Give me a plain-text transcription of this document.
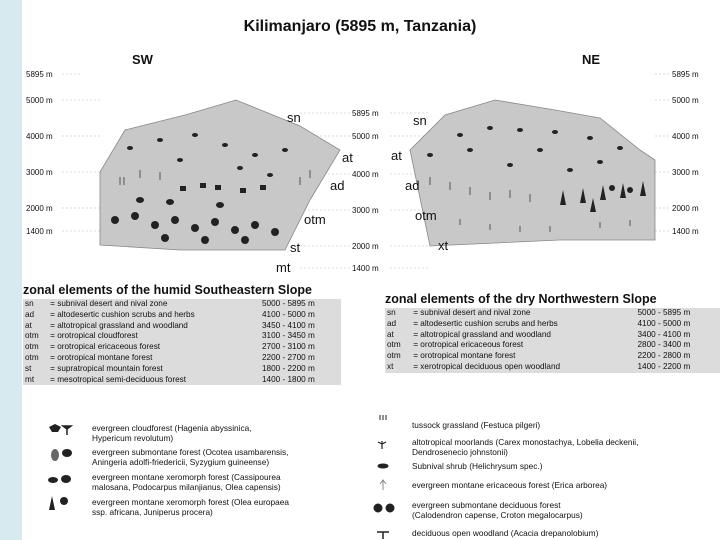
Kilimanjaro (5895 m, Tanzania)
5895 m
5000 m
4000 m
3000 m
2000 m
1400 m
5895 m
5000 m
4000 m
3000 m
2000 m
1400 m
5895 m
5000 m
4000 m
3000 m
2000 m
1400 m
SW	NE
sn
at
ad
otm
st
mt
at
sn
ad
otm
xt
zonal elements of the humid Southeastern Slope
sn	= subnival desert and nival zone	5000 - 5895 m
ad	= altodesertic cushion scrubs and herbs	4100 - 5000 m
at	= altotropical grassland and woodland	3450 - 4100 m
otm	= orotropical cloudforest	3100 - 3450 m
otm	= orotropical ericaceous forest	2700 - 3100 m
otm	= orotropical montane forest	2200 - 2700 m
st	= supratropical mountain forest	1800 - 2200 m
mt	= mesotropical semi-deciduous forest	1400 - 1800 m
zonal elements of the dry Northwestern Slope
sn	= subnival desert and nival zone	5000 - 5895 m
ad	= altodesertic cushion scrubs and herbs	4100 - 5000 m
at	= altotropical grassland and woodland	3400 - 4100 m
otm	= orotropical ericaceous forest	2800 - 3400 m
otm	= orotropical montane forest	2200 - 2800 m
xt	= xerotropical deciduous open woodland	1400 - 2200 m
evergreen cloudforest (Hagenia abyssinica,
Hypericum revolutum)
evergreen submontane forest (Ocotea usambarensis,
Aningeria adolfi-friedericii, Syzygium guineense)
evergreen montane xeromorph forest (Cassipourea
malosana, Podocarpus milanjianus, Olea capensis)
evergreen montane xeromorph forest (Olea europaea
ssp. africana, Juniperus procera)
tussock grassland (Festuca pilgeri)
altotropical moorlands (Carex monostachya, Lobelia deckenii,
Dendrosenecio johnstonii)
Subnival shrub (Helichrysum spec.)
evergreen montane ericaceous forest (Erica arborea)
evergreen submontane deciduous forest
(Calodendron capense, Croton megalocarpus)
deciduous open woodland (Acacia drepanolobium)
